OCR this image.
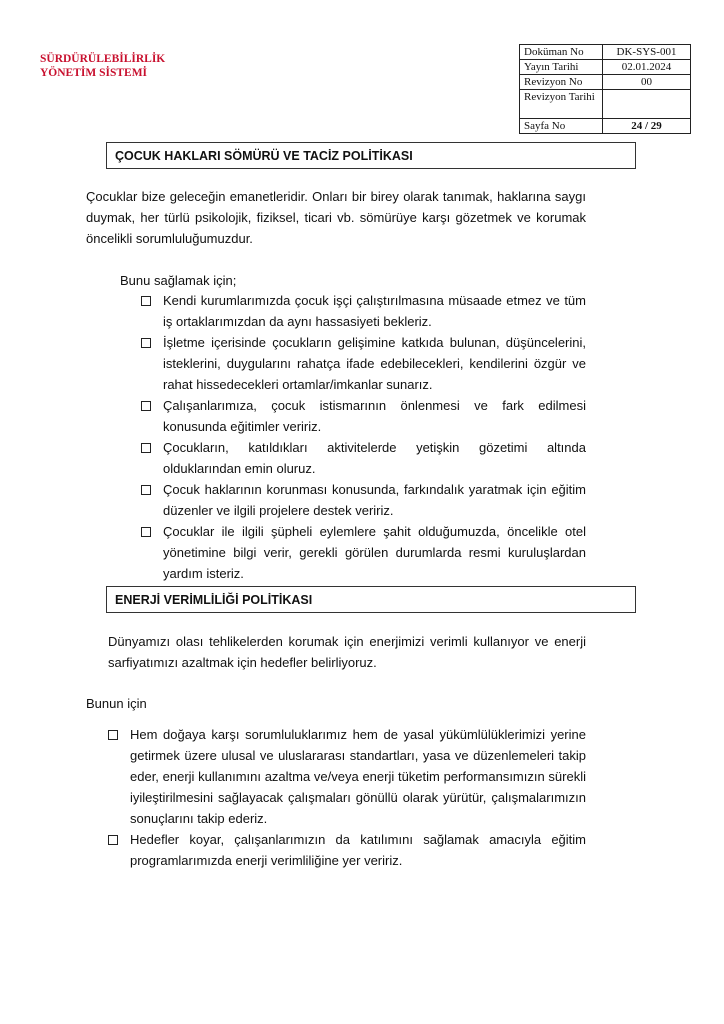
SÜRDÜRÜLEBİLİRLİK
YÖNETİM SİSTEMİ
Doküman No	DK-SYS-001
Yayın Tarihi	02.01.2024
Revizyon No	00
Revizyon Tarihi	
Sayfa No	24 / 29
ÇOCUK HAKLARI SÖMÜRÜ VE TACİZ POLİTİKASI
Çocuklar bize geleceğin emanetleridir. Onları bir birey olarak tanımak, haklarına saygı duymak, her türlü psikolojik, fiziksel, ticari vb. sömürüye karşı gözetmek ve korumak öncelikli sorumluluğumuzdur.
Bunu sağlamak için;
Kendi kurumlarımızda çocuk işçi çalıştırılmasına müsaade etmez ve tüm iş ortaklarımızdan da aynı hassasiyeti bekleriz.
İşletme içerisinde çocukların gelişimine katkıda bulunan, düşüncelerini, isteklerini, duygularını rahatça ifade edebilecekleri, kendilerini özgür ve rahat hissedecekleri ortamlar/imkanlar sunarız.
Çalışanlarımıza, çocuk istismarının önlenmesi ve fark edilmesi konusunda eğitimler veririz.
Çocukların, katıldıkları aktivitelerde yetişkin gözetimi altında olduklarından emin oluruz.
Çocuk haklarının korunması konusunda, farkındalık yaratmak için eğitim düzenler ve ilgili projelere destek veririz.
Çocuklar ile ilgili şüpheli eylemlere şahit olduğumuzda, öncelikle otel yönetimine bilgi verir, gerekli görülen durumlarda resmi kuruluşlardan yardım isteriz.
ENERJİ VERİMLİLİĞİ POLİTİKASI
Dünyamızı olası tehlikelerden korumak için enerjimizi verimli kullanıyor ve enerji sarfiyatımızı azaltmak için hedefler belirliyoruz.
Bunun için
Hem doğaya karşı sorumluluklarımız hem de yasal yükümlülüklerimizi yerine getirmek üzere ulusal ve uluslararası standartları, yasa ve düzenlemeleri takip eder, enerji kullanımını azaltma ve/veya enerji tüketim performansımızın sürekli iyileştirilmesini sağlayacak çalışmaları gönüllü olarak yürütür, çalışmalarımızın sonuçlarını takip ederiz.
Hedefler koyar, çalışanlarımızın da katılımını sağlamak amacıyla eğitim programlarımızda enerji verimliliğine yer veririz.
